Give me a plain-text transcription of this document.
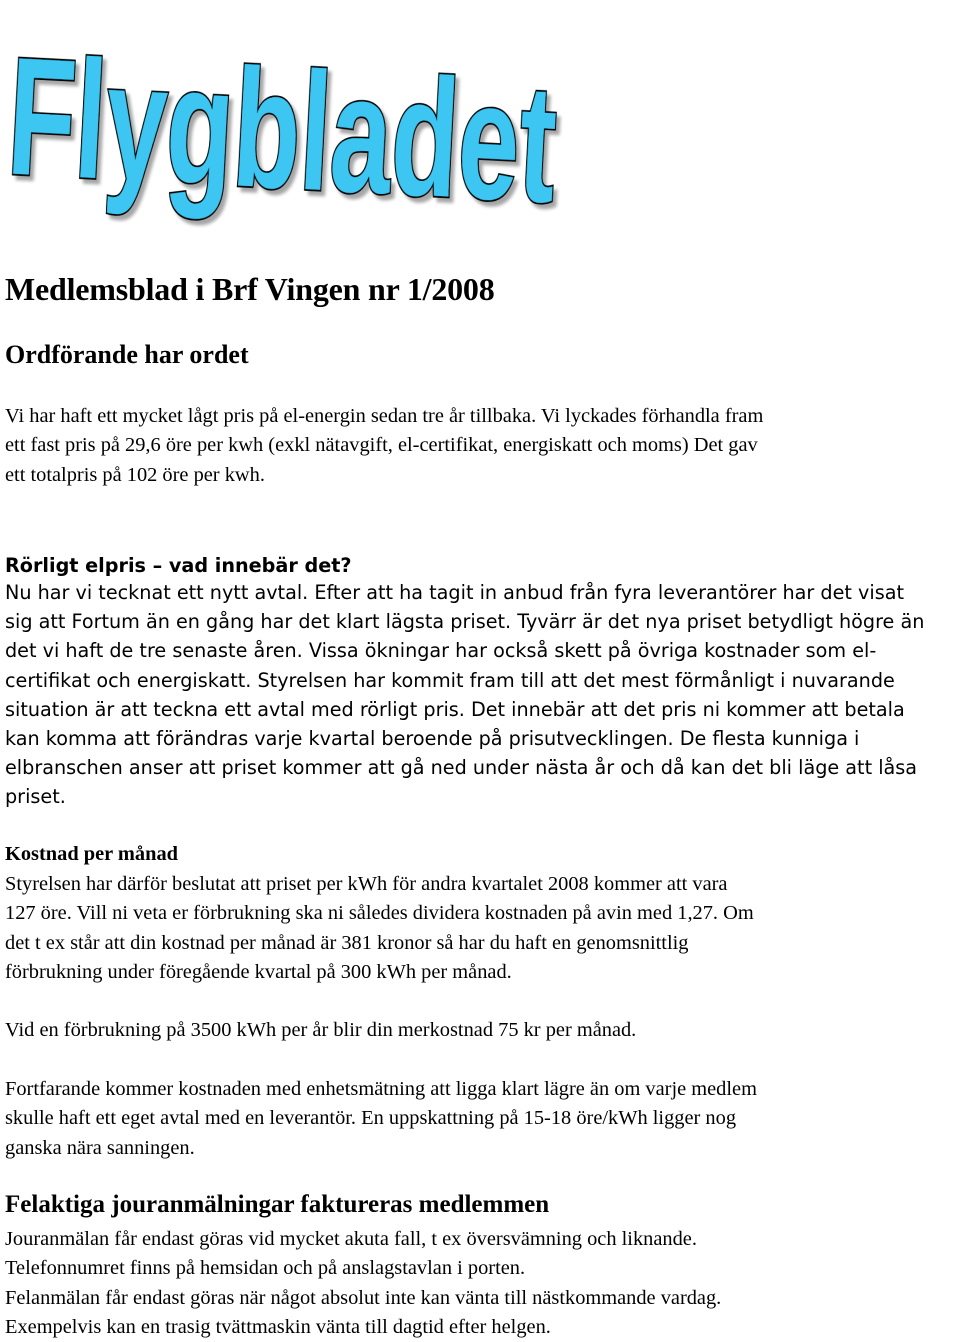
Flygbladet
Medlemsblad i Brf Vingen nr 1/2008
Ordförande har ordet

Vi har haft ett mycket lågt pris på el-energin sedan tre år tillbaka. Vi lyckades förhandla fram
ett fast pris på 29,6 öre per kwh (exkl nätavgift, el-certifikat, energiskatt och moms) Det gav
ett totalpris på 102 öre per kwh.

Rörligt elpris – vad innebär det?

Nu har vi tecknat ett nytt avtal. Efter att ha tagit in anbud från fyra leverantörer har det visat
sig att Fortum än en gång har det klart lägsta priset. Tyvärr är det nya priset betydligt högre än
det vi haft de tre senaste åren. Vissa ökningar har också skett på övriga kostnader som el-
certifikat och energiskatt. Styrelsen har kommit fram till att det mest förmånligt i nuvarande
situation är att teckna ett avtal med rörligt pris. Det innebär att det pris ni kommer att betala
kan komma att förändras varje kvartal beroende på prisutvecklingen. De flesta kunniga i
elbranschen anser att priset kommer att gå ned under nästa år och då kan det bli läge att låsa
priset.

Kostnad per månad

Styrelsen har därför beslutat att priset per kWh för andra kvartalet 2008 kommer att vara
127 öre. Vill ni veta er förbrukning ska ni således dividera kostnaden på avin med 1,27. Om
det t ex står att din kostnad per månad är 381 kronor så har du haft en genomsnittlig
förbrukning under föregående kvartal på 300 kWh per månad.

Vid en förbrukning på 3500 kWh per år blir din merkostnad 75 kr per månad.

Fortfarande kommer kostnaden med enhetsmätning att ligga klart lägre än om varje medlem
skulle haft ett eget avtal med en leverantör. En uppskattning på 15-18 öre/kWh ligger nog
ganska nära sanningen.

Felaktiga jouranmälningar faktureras medlemmen

Jouranmälan får endast göras vid mycket akuta fall, t ex översvämning och liknande.
Telefonnumret finns på hemsidan och på anslagstavlan i porten.
Felanmälan får endast göras när något absolut inte kan vänta till nästkommande vardag.
Exempelvis kan en trasig tvättmaskin vänta till dagtid efter helgen.
